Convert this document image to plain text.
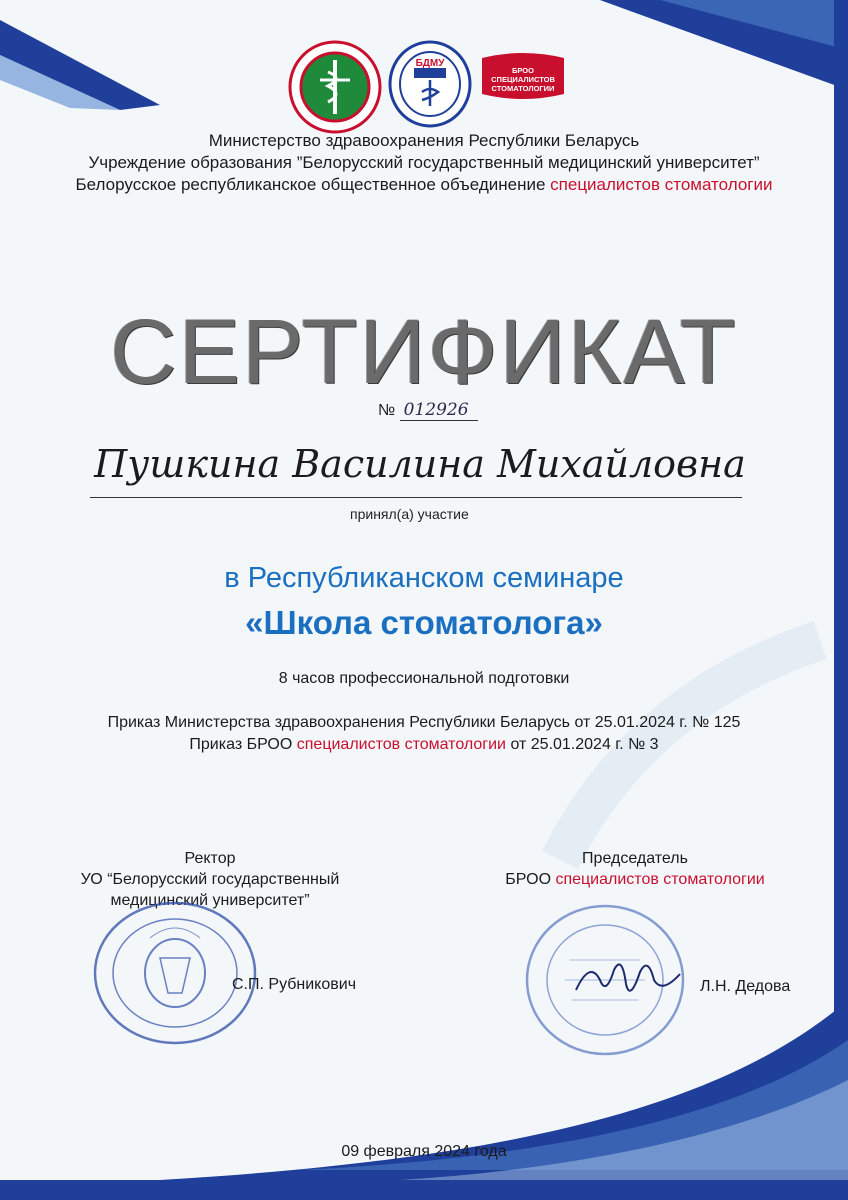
БДМУ
БРОО СПЕЦИАЛИСТОВ СТОМАТОЛОГИИ
Министерство здравоохранения Республики Беларусь
Учреждение образования ”Белорусский государственный медицинский университет”
Белорусское республиканское общественное объединение специалистов стоматологии
СЕРТИФИКАТ
№ 012926
Пушкина Василина Михайловна
принял(а) участие
в Республиканском семинаре
«Школа стоматолога»
8 часов профессиональной подготовки
Приказ Министерства здравоохранения Республики Беларусь от 25.01.2024 г. № 125
Приказ БРОО специалистов стоматологии от 25.01.2024 г. № 3
Ректор
УО “Белорусский государственный
медицинский университет”
С.П. Рубникович
Председатель
БРОО специалистов стоматологии
Л.Н. Дедова
09 февраля 2024 года
